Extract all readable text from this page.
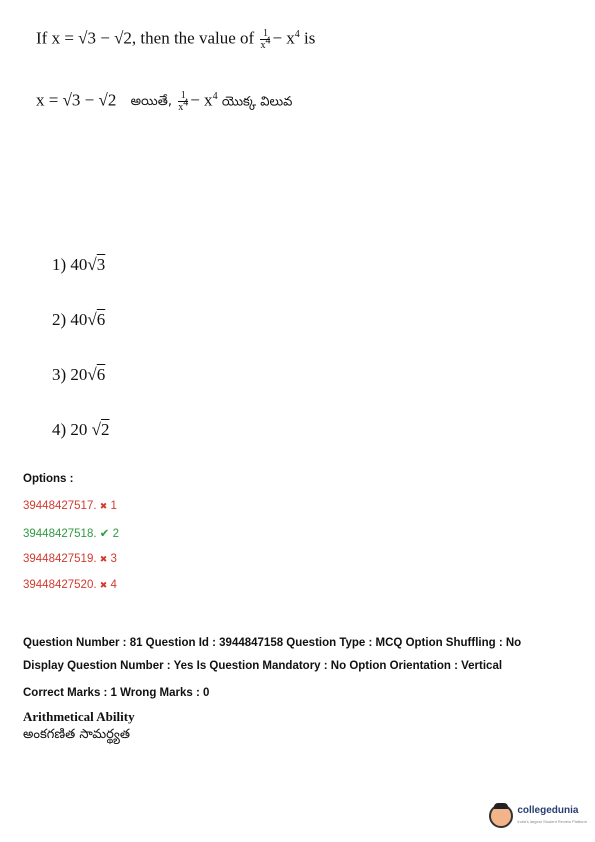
If x = √3 − √2, then the value of $\frac{1}{x^4} - x^4$ is
x = √3 − √2 అయితే, $\frac{1}{x^4} - x^4$ యొక్క విలువ
1) 40√3
2) 40√6
3) 20√6
4) 20 √2
Options :
39448427517. ✖ 1
39448427518. ✔ 2
39448427519. ✖ 3
39448427520. ✖ 4
Question Number : 81 Question Id : 3944847158 Question Type : MCQ Option Shuffling : No
Display Question Number : Yes Is Question Mandatory : No Option Orientation : Vertical
Correct Marks : 1 Wrong Marks : 0
Arithmetical Ability
అంకగణిత సామర్థ్యత
collegedunia
India's largest Student Review Platform
